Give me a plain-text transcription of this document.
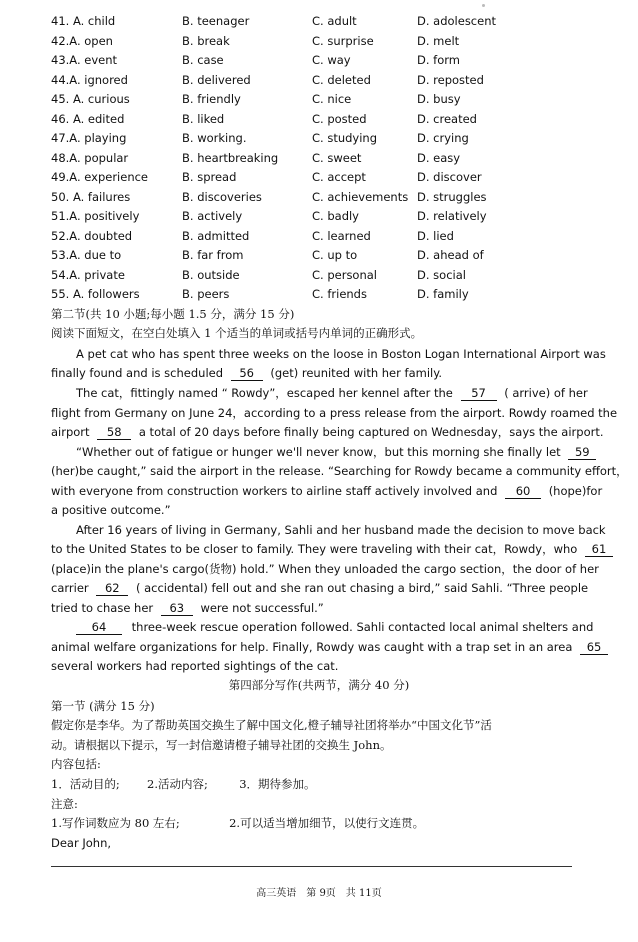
41. A. child	B. teenager	C. adult	D. adolescent
42.A. open	B. break	C. surprise	D. melt
43.A. event	B. case	C. way	D. form
44.A. ignored	B. delivered	C. deleted	D. reposted
45. A. curious	B. friendly	C. nice	D. busy
46. A. edited	B. liked	C. posted	D. created
47.A. playing	B. working.	C. studying	D. crying
48.A. popular	B. heartbreaking	C. sweet	D. easy
49.A. experience	B. spread	C. accept	D. discover
50. A. failures	B. discoveries	C. achievements D. struggles
51.A. positively	B. actively	C. badly	D. relatively
52.A. doubted	B. admitted	C. learned	D. lied
53.A. due to	B. far from	C. up to	D. ahead of
54.A. private	B. outside	C. personal	D. social
55. A. followers	B. peers	C. friends	D. family
第二节(共 10 小题;每小题 1.5 分，满分 15 分)
阅读下面短文，在空白处填入 1 个适当的单词或括号内单词的正确形式。
A pet cat who has spent three weeks on the loose in Boston Logan International Airport was
finally found and is scheduled 56 (get) reunited with her family.
The cat，fittingly named “ Rowdy”，escaped her kennel after the 57 ( arrive) of her
flight from Germany on June 24，according to a press release from the airport. Rowdy roamed the
airport 58 a total of 20 days before finally being captured on Wednesday，says the airport.
“Whether out of fatigue or hunger we'll never know，but this morning she finally let 59
(her)be caught,” said the airport in the release. “Searching for Rowdy became a community effort，
with everyone from construction workers to airline staff actively involved and 60 (hope)for
a positive outcome.”
After 16 years of living in Germany, Sahli and her husband made the decision to move back
to the United States to be closer to family. They were traveling with their cat，Rowdy，who 61
(place)in the plane's cargo(货物) hold.” When they unloaded the cargo section，the door of her
carrier 62 ( accidental) fell out and she ran out chasing a bird,” said Sahli. “Three people
tried to chase her 63 were not successful.”
64 three-week rescue operation followed. Sahli contacted local animal shelters and
animal welfare organizations for help. Finally, Rowdy was caught with a trap set in an area 65
several workers had reported sightings of the cat.
第四部分写作(共两节，满分 40 分)
第一节 (满分 15 分)
假定你是李华。为了帮助英国交换生了解中国文化,橙子辅导社团将举办“中国文化节”活
动。请根据以下提示，写一封信邀请橙子辅导社团的交换生 John。
内容包括:
1．活动目的; 2.活动内容;	3．期待参加。
注意:
1.写作词数应为 80 左右;	2.可以适当增加细节，以使行文连贯。
Dear John,
高三英语　第 9页　共 11页
